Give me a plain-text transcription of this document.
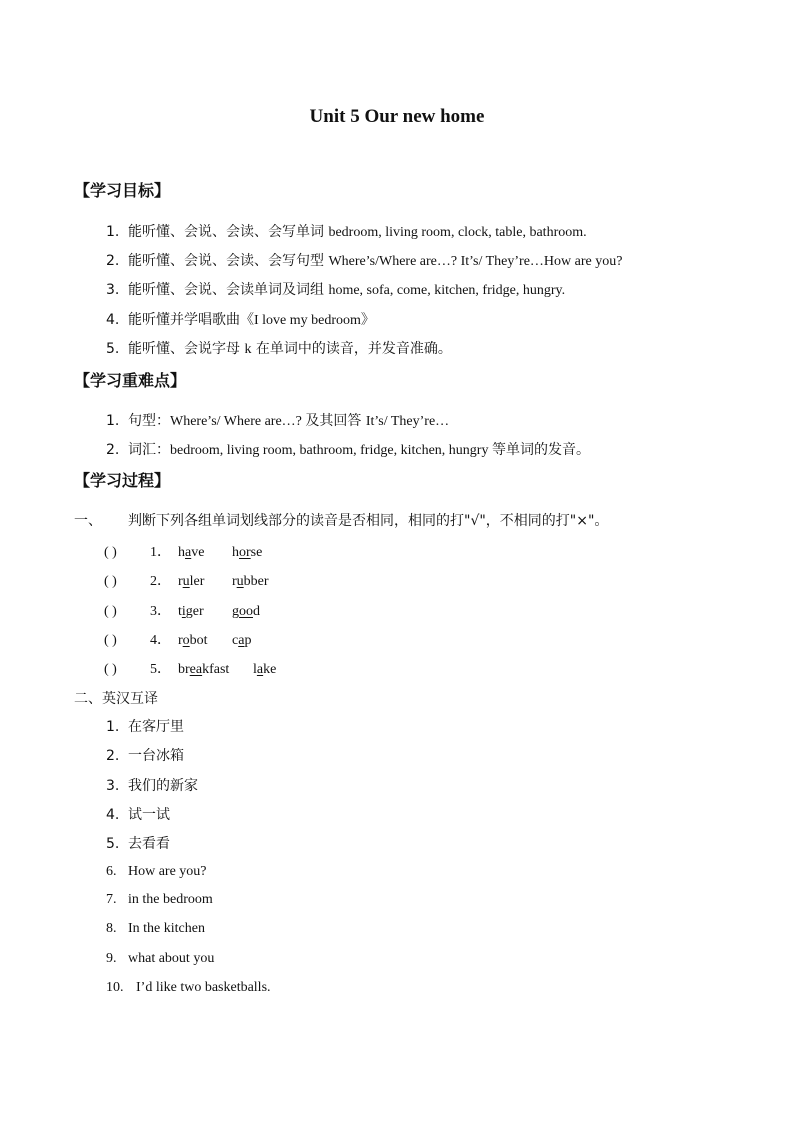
Unit 5 Our new home
【学习目标】
1. 能听懂、会说、会读、会写单词 bedroom, living room, clock, table, bathroom.
2. 能听懂、会说、会读、会写句型 Where’s/Where are…? It’s/ They’re…How are you?
3. 能听懂、会说、会读单词及词组 home, sofa, come, kitchen, fridge, hungry.
4. 能听懂并学唱歌曲《I love my bedroom》
5. 能听懂、会说字母 k 在单词中的读音，并发音准确。
【学习重难点】
1. 句型：Where’s/ Where are…? 及其回答 It’s/ They’re…
2. 词汇：bedroom, living room, bathroom, fridge, kitchen, hungry 等单词的发音。
【学习过程】
一、 判断下列各组单词划线部分的读音是否相同，相同的打"√"，不相同的打"×"。
( ) 1． have horse
( ) 2． ruler rubber
( ) 3． tiger good
( ) 4． robot cap
( ) 5． breakfast lake
二、英汉互译
1. 在客厅里
2. 一台冰箱
3. 我们的新家
4. 试一试
5. 去看看
6. How are you?
7. in the bedroom
8. In the kitchen
9. what about you
10. I’d like two basketballs.
